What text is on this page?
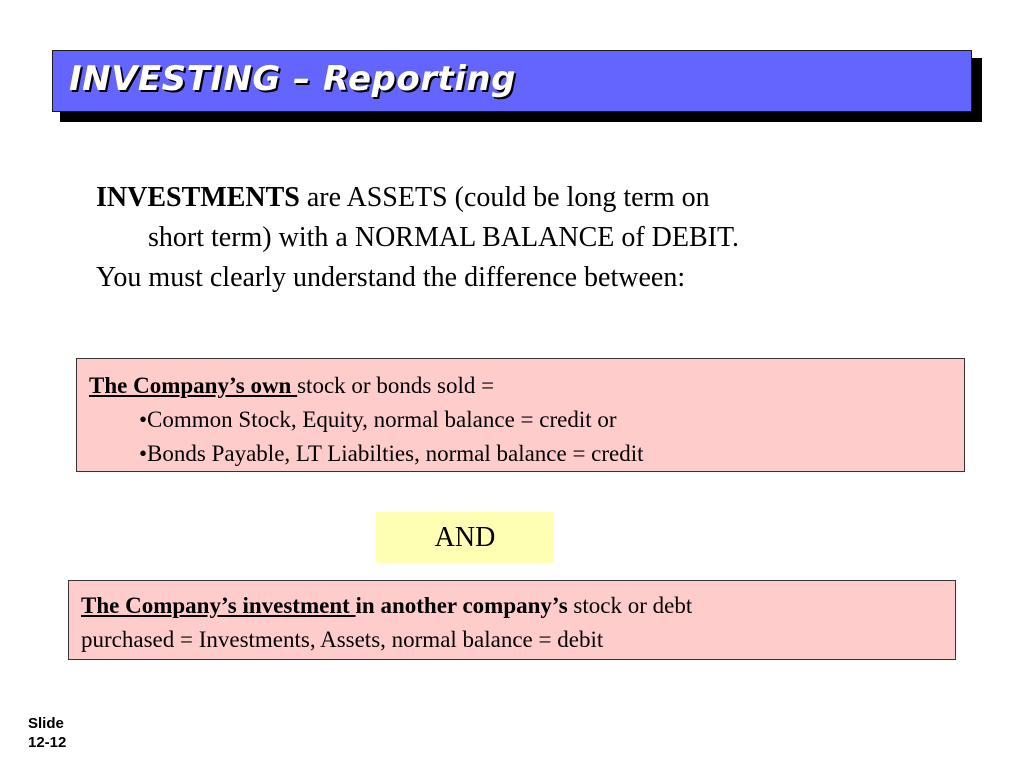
INVESTING – Reporting

INVESTMENTS are ASSETS (could be long term on

short term) with a NORMAL BALANCE of DEBIT.

You must clearly understand the difference between:

The Company’s own stock or bonds sold =

•Common Stock, Equity, normal balance = credit or

•Bonds Payable, LT Liabilties, normal balance = credit

AND

The Company’s investment in another company’s stock or debt

purchased = Investments, Assets, normal balance = debit

Slide
12-12
